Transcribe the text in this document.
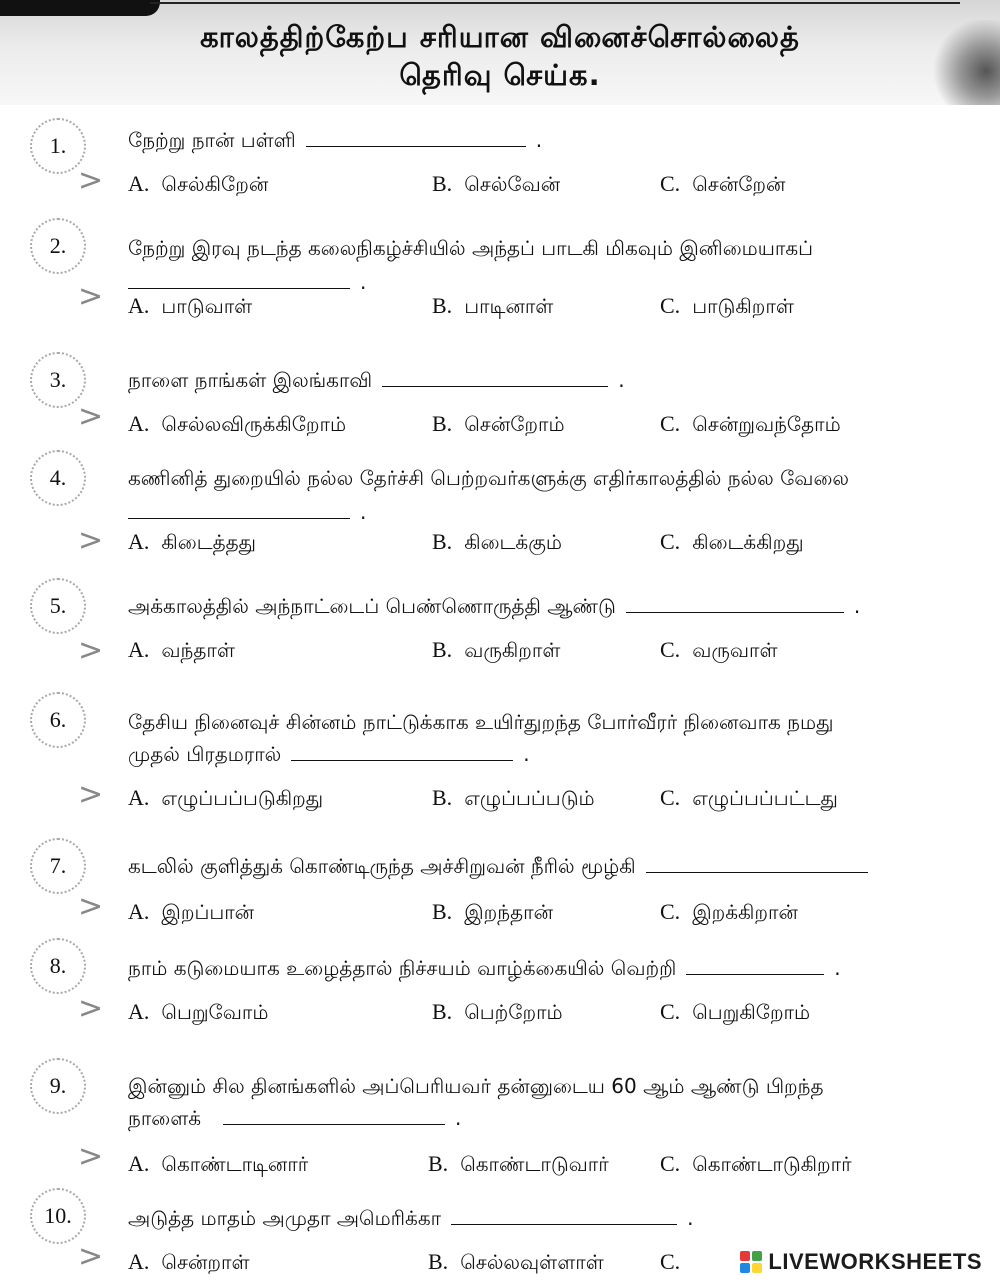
காலத்திற்கேற்ப சரியான வினைச்சொல்லைத்
தெரிவு செய்க.
1.	நேற்று நான் பள்ளி	.
> A. செல்கிறேன்	B. செல்வேன்	C. சென்றேன்
2.	நேற்று இரவு நடந்த கலைநிகழ்ச்சியில் அந்தப் பாடகி மிகவும் இனிமையாகப்
.
> A. பாடுவாள்	B. பாடினாள்	C. பாடுகிறாள்
3.	நாளை நாங்கள் இலங்காவி	.
> A. செல்லவிருக்கிறோம்	B. சென்றோம்	C. சென்றுவந்தோம்
4.	கணினித் துறையில் நல்ல தேர்ச்சி பெற்றவர்களுக்கு எதிர்காலத்தில் நல்ல வேலை
.
> A. கிடைத்தது	B. கிடைக்கும்	C. கிடைக்கிறது
5.	அக்காலத்தில் அந்நாட்டைப் பெண்ணொருத்தி ஆண்டு	.
> A. வந்தாள்	B. வருகிறாள்	C. வருவாள்
6.	தேசிய நினைவுச் சின்னம் நாட்டுக்காக உயிர்துறந்த போர்வீரர் நினைவாக நமது
முதல் பிரதமரால்	.
> A. எழுப்பப்படுகிறது	B. எழுப்பப்படும்	C. எழுப்பப்பட்டது
7.	கடலில் குளித்துக் கொண்டிருந்த அச்சிறுவன் நீரில் மூழ்கி
> A. இறப்பான்	B. இறந்தான்	C. இறக்கிறான்
8.	நாம் கடுமையாக உழைத்தால் நிச்சயம் வாழ்க்கையில் வெற்றி	.
> A. பெறுவோம்	B. பெற்றோம்	C. பெறுகிறோம்
9.	இன்னும் சில தினங்களில் அப்பெரியவர் தன்னுடைய 60 ஆம் ஆண்டு பிறந்த
நாளைக்	.
> A. கொண்டாடினார்	B. கொண்டாடுவார் C. கொண்டாடுகிறார்
10.	அடுத்த மாதம் அமுதா அமெரிக்கா	.
> A. சென்றாள்	B. செல்லவுள்ளாள்	C.	LIVEWORKSHEETS
